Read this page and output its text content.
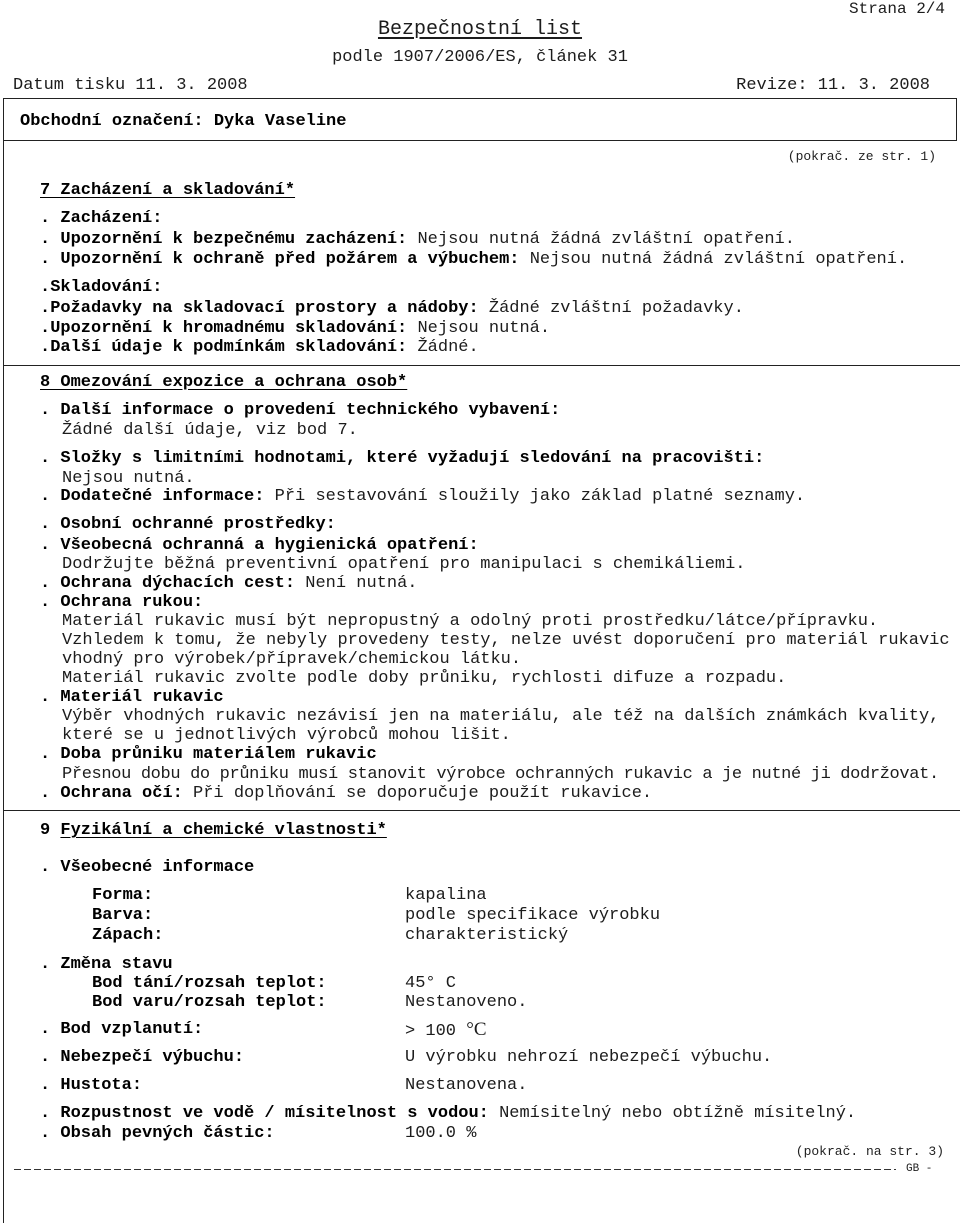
Strana 2/4
Bezpečnostní list
podle 1907/2006/ES, článek 31
Datum tisku 11. 3. 2008	Revize: 11. 3. 2008
Obchodní označení: Dyka Vaseline
(pokrač. ze str. 1)
7 Zacházení a skladování*
. Zacházení:
. Upozornění k bezpečnému zacházení: Nejsou nutná žádná zvláštní opatření.
. Upozornění k ochraně před požárem a výbuchem: Nejsou nutná žádná zvláštní opatření.
.Skladování:
.Požadavky na skladovací prostory a nádoby: Žádné zvláštní požadavky.
.Upozornění k hromadnému skladování: Nejsou nutná.
.Další údaje k podmínkám skladování: Žádné.
8 Omezování expozice a ochrana osob*
. Další informace o provedení technického vybavení:
Žádné další údaje, viz bod 7.
. Složky s limitními hodnotami, které vyžadují sledování na pracovišti:
Nejsou nutná.
. Dodatečné informace: Při sestavování sloužily jako základ platné seznamy.
. Osobní ochranné prostředky:
. Všeobecná ochranná a hygienická opatření:
Dodržujte běžná preventivní opatření pro manipulaci s chemikáliemi.
. Ochrana dýchacích cest: Není nutná.
. Ochrana rukou:
Materiál rukavic musí být nepropustný a odolný proti prostředku/látce/přípravku.
Vzhledem k tomu, že nebyly provedeny testy, nelze uvést doporučení pro materiál rukavic
vhodný pro výrobek/přípravek/chemickou látku.
Materiál rukavic zvolte podle doby průniku, rychlosti difuze a rozpadu.
. Materiál rukavic
Výběr vhodných rukavic nezávisí jen na materiálu, ale též na dalších známkách kvality,
které se u jednotlivých výrobců mohou lišit.
. Doba průniku materiálem rukavic
Přesnou dobu do průniku musí stanovit výrobce ochranných rukavic a je nutné ji dodržovat.
. Ochrana očí: Při doplňování se doporučuje použít rukavice.
9 Fyzikální a chemické vlastnosti*
. Všeobecné informace
Forma:	kapalina
Barva:	podle specifikace výrobku
Zápach:	charakteristický
. Změna stavu
Bod tání/rozsah teplot:	45° C
Bod varu/rozsah teplot:	Nestanoveno.
. Bod vzplanutí:	> 100 °C
. Nebezpečí výbuchu:	U výrobku nehrozí nebezpečí výbuchu.
. Hustota:	Nestanovena.
. Rozpustnost ve vodě / mísitelnost s vodou: Nemísitelný nebo obtížně mísitelný.
. Obsah pevných částic:	100.0 %
(pokrač. na str. 3)
GB -
